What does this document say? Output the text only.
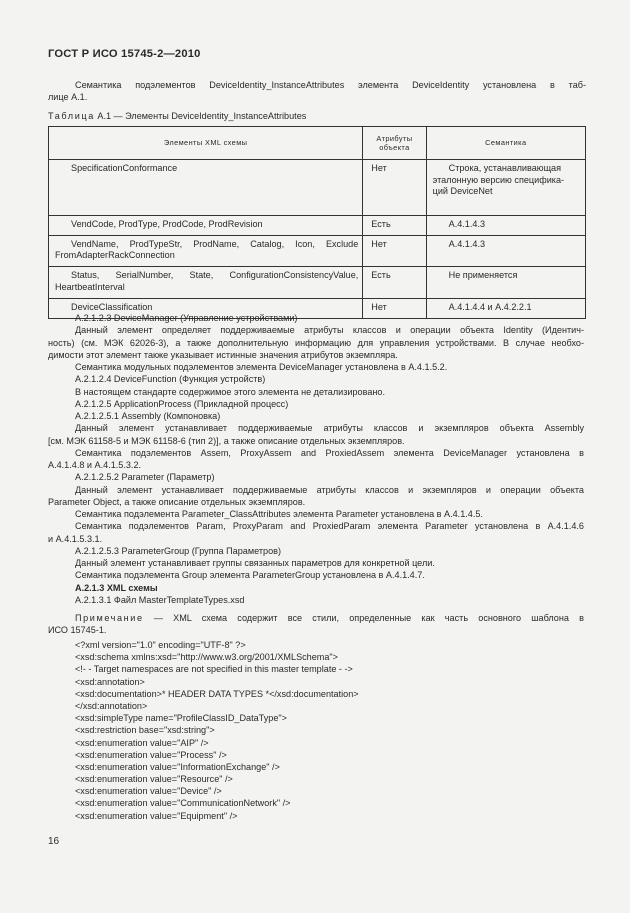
ГОСТ Р ИСО 15745-2—2010
Семантика подэлементов DeviceIdentity_InstanceAttributes элемента DeviceIdentity установлена в таб-
лице А.1.
Таблица А.1 — Элементы DeviceIdentity_InstanceAttributes
Элементы XML схемы	Атрибуты объекта	Семантика

SpecificationConformance	Нет	Строка, устанавливающая
эталонную версию специфика-
ций DeviceNet

VendCode, ProdType, ProdCode, ProdRevision	Есть	А.4.1.4.3

VendName, ProdTypeStr, ProdName, Catalog, Icon, Exclude
FromAdapterRackConnection	Нет	А.4.1.4.3

Status, SerialNumber, State, ConfigurationConsistencyValue,
HeartbeatInterval	Есть	Не применяется

DeviceClassification	Нет	А.4.1.4.4 и А.4.2.2.1
А.2.1.2.3 DeviceManager (Управление устройствами)
Данный элемент определяет поддерживаемые атрибуты классов и операции объекта Identity (Идентич-
ность) (см. МЭК 62026-3), а также дополнительную информацию для управления устройствами. В случае необхо-
димости этот элемент также указывает истинные значения атрибутов экземпляра.
Семантика модульных подэлементов элемента DeviceManager установлена в А.4.1.5.2.
А.2.1.2.4 DeviceFunction (Функция устройств)
В настоящем стандарте содержимое этого элемента не детализировано.
А.2.1.2.5 ApplicationProcess (Прикладной процесс)
А.2.1.2.5.1 Assembly (Компоновка)
Данный элемент устанавливает поддерживаемые атрибуты классов и экземпляров объекта Assembly
[см. МЭК 61158-5 и МЭК 61158-6 (тип 2)], а также описание отдельных экземпляров.
Семантика подэлементов Assem, ProxyAssem and ProxiedAssem элемента DeviceManager установлена в
А.4.1.4.8 и А.4.1.5.3.2.
А.2.1.2.5.2 Parameter (Параметр)
Данный элемент устанавливает поддерживаемые атрибуты классов и экземпляров и операции объекта
Parameter Object, а также описание отдельных экземпляров.
Семантика подэлемента Parameter_ClassAttributes элемента Parameter установлена в А.4.1.4.5.
Семантика подэлементов Param, ProxyParam and ProxiedParam элемента Parameter установлена в А.4.1.4.6
и А.4.1.5.3.1.
А.2.1.2.5.3 ParameterGroup (Группа Параметров)
Данный элемент устанавливает группы связанных параметров для конкретной цели.
Семантика подэлемента Group элемента ParameterGroup установлена в А.4.1.4.7.
А.2.1.3 XML схемы
А.2.1.3.1 Файл MasterTemplateTypes.xsd
Примечание — XML схема содержит все стили, определенные как часть основного шаблона в
ИСО 15745-1.
<?xml version="1.0" encoding="UTF-8" ?>
<xsd:schema xmlns:xsd="http://www.w3.org/2001/XMLSchema">
<!- - Target namespaces are not specified in this master template - ->
<xsd:annotation>
<xsd:documentation>* HEADER DATA TYPES *</xsd:documentation>
</xsd:annotation>
<xsd:simpleType name="ProfileClassID_DataType">
<xsd:restriction base="xsd:string">
<xsd:enumeration value="AIP" />
<xsd:enumeration value="Process" />
<xsd:enumeration value="InformationExchange" />
<xsd:enumeration value="Resource" />
<xsd:enumeration value="Device" />
<xsd:enumeration value="CommunicationNetwork" />
<xsd:enumeration value="Equipment" />
16
